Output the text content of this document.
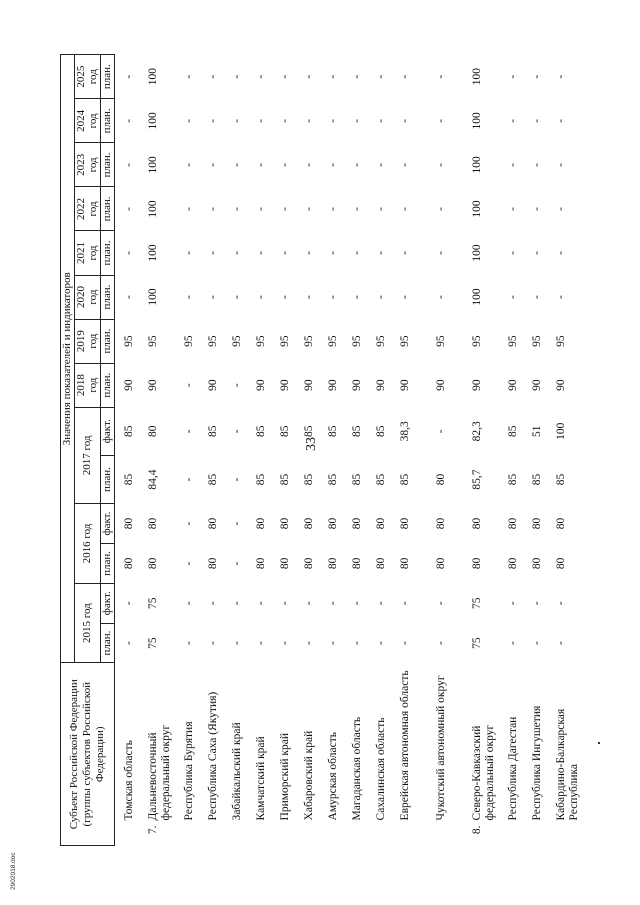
33
Субъект Российской Федерации (группы субъектов Российской Федерации)		Значения показателей и индикаторов													
		2015 год		2016 год		2017 год		2018 год	2019 год	2020 год	2021 год	2022 год	2023 год	2024 год	2025 год
		план.	факт.	план.	факт.	план.	факт.	план.	план.	план.	план.	план.	план.	план.	план.

	Томская область	-	-	80	80	85	85	90	95	-	-	-	-	-	-
7.	Дальневосточный федеральный округ	75	75	80	80	84,4	80	90	95	100	100	100	100	100	100
	Республика Бурятия	-	-	-	-	-	-	-	95	-	-	-	-	-	-
	Республика Саха (Якутия)	-	-	80	80	85	85	90	95	-	-	-	-	-	-
	Забайкальский край	-	-	-	-	-	-	-	95	-	-	-	-	-	-
	Камчатский край	-	-	80	80	85	85	90	95	-	-	-	-	-	-
	Приморский край	-	-	80	80	85	85	90	95	-	-	-	-	-	-
	Хабаровский край	-	-	80	80	85	85	90	95	-	-	-	-	-	-
	Амурская область	-	-	80	80	85	85	90	95	-	-	-	-	-	-
	Магаданская область	-	-	80	80	85	85	90	95	-	-	-	-	-	-
	Сахалинская область	-	-	80	80	85	85	90	95	-	-	-	-	-	-
	Еврейская автономная область	-	-	80	80	85	38,3	90	95	-	-	-	-	-	-
	Чукотский автономный округ	-	-	80	80	80	-	90	95	-	-	-	-	-	-
8.	Северо-Кавказский федеральный округ	75	75	80	80	85,7	82,3	90	95	100	100	100	100	100	100
	Республика Дагестан	-	-	80	80	85	85	90	95	-	-	-	-	-	-
	Республика Ингушетия	-	-	80	80	85	51	90	95	-	-	-	-	-	-
	Кабардино-Балкарская Республика	-	-	80	80	85	100	90	95	-	-	-	-	-	-
2902018.doc
